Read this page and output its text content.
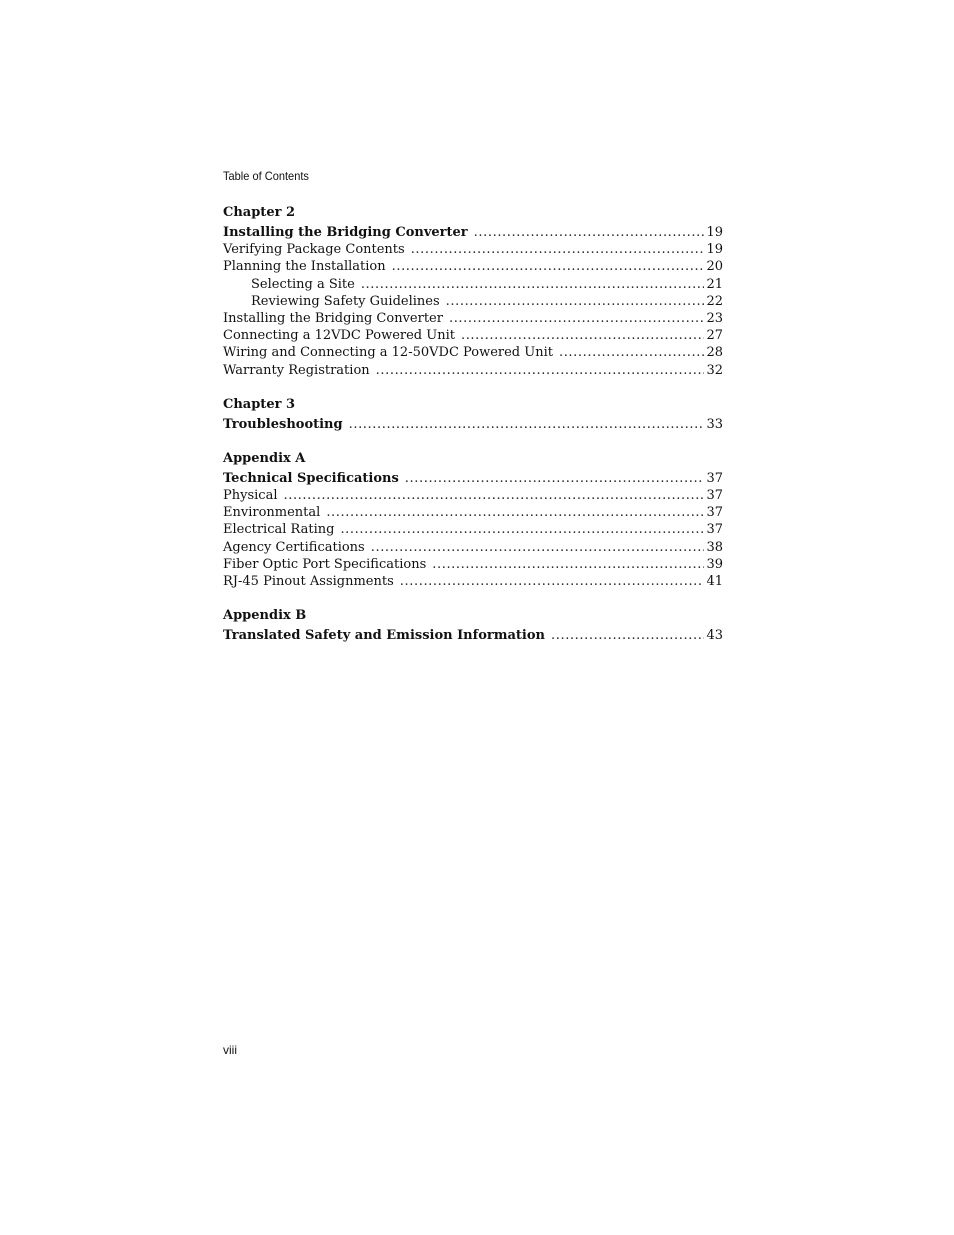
Table of Contents
Chapter 2
Installing the Bridging Converter .....	19
Verifying Package Contents .....	19
Planning the Installation .....	20
Selecting a Site .....	21
Reviewing Safety Guidelines .....	22
Installing the Bridging Converter .....	23
Connecting a 12VDC Powered Unit .....	27
Wiring and Connecting a 12-50VDC Powered Unit .....	28
Warranty Registration .....	32
Chapter 3
Troubleshooting .....	33
Appendix A
Technical Specifications .....	37
Physical .....	37
Environmental .....	37
Electrical Rating .....	37
Agency Certifications .....	38
Fiber Optic Port Specifications .....	39
RJ-45 Pinout Assignments .....	41
Appendix B
Translated Safety and Emission Information .....	43
viii
